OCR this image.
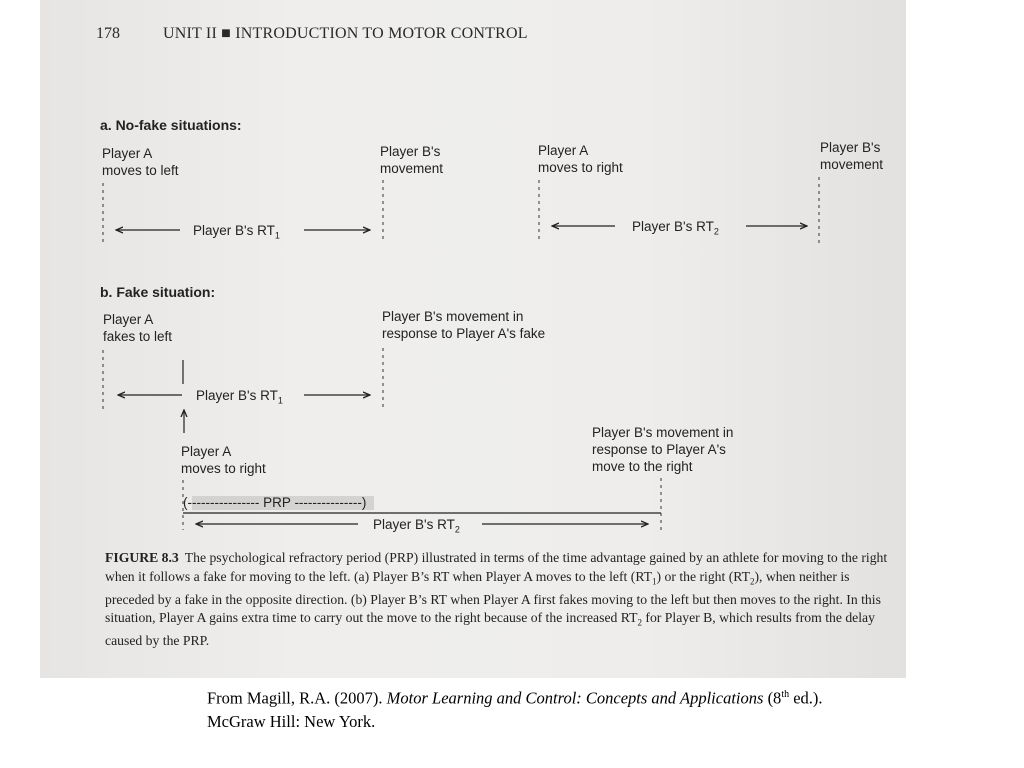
178	UNIT II ■ INTRODUCTION TO MOTOR CONTROL
a. No-fake situations:
Player A
moves to left
Player B's
movement
Player B's $RT_1$
Player A
moves to right
Player B's
movement
Player B's $RT_2$
b. Fake situation:
Player A
fakes to left
Player B's movement in
response to Player A's fake
Player B's $RT_1$
Player A
moves to right
Player B's movement in
response to Player A's
move to the right
(---------------- PRP ---------------)
Player B's $RT_2$
FIGURE 8.3 The psychological refractory period (PRP) illustrated in terms of the time advantage gained by an athlete for moving to the right when it follows a fake for moving to the left. (a) Player B’s RT when Player A moves to the left $(RT_1)$ or the right $(RT_2)$, when neither is preceded by a fake in the opposite direction. (b) Player B’s RT when Player A first fakes moving to the left but then moves to the right. In this situation, Player A gains extra time to carry out the move to the right because of the increased $RT_2$ for Player B, which results from the delay caused by the PRP.
From Magill, R.A. (2007). Motor Learning and Control: Concepts and Applications (8th ed.). McGraw Hill: New York.
